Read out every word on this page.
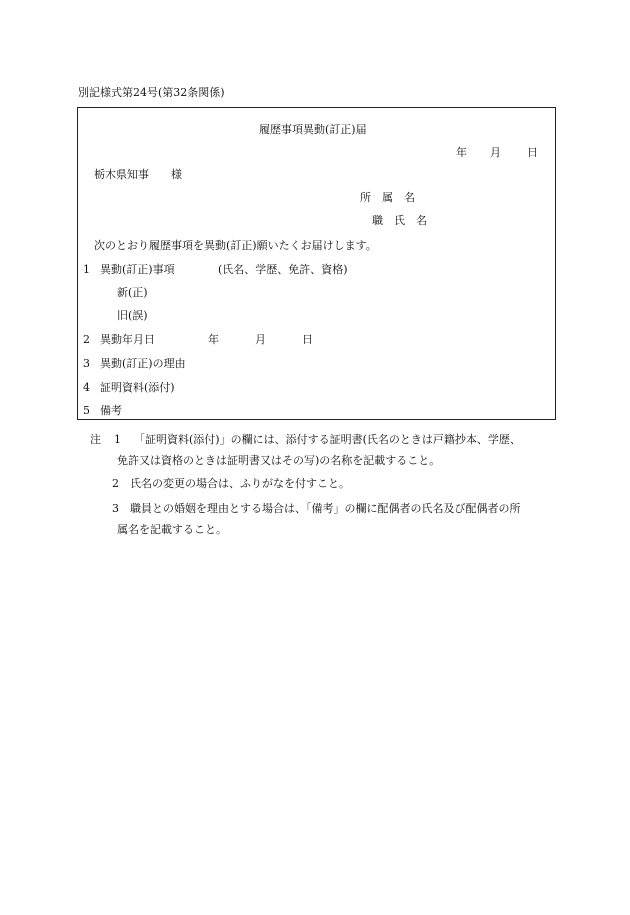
別記様式第24号(第32条関係)
履歴事項異動(訂正)届
年 月 日
栃木県知事　　様
所　属　名
職　氏　名
次のとおり履歴事項を異動(訂正)願いたくお届けします。
1 異動(訂正)事項	(氏名、学歴、免許、資格)
新(正)
旧(誤)
2 異動年月日	年	月	日
3 異動(訂正)の理由
4 証明資料(添付)
5 備考
注 1 「証明資料(添付)」の欄には、添付する証明書(氏名のときは戸籍抄本、学歴、
免許又は資格のときは証明書又はその写)の名称を記載すること。
2 氏名の変更の場合は、ふりがなを付すこと。
3 職員との婚姻を理由とする場合は、「備考」の欄に配偶者の氏名及び配偶者の所
属名を記載すること。
